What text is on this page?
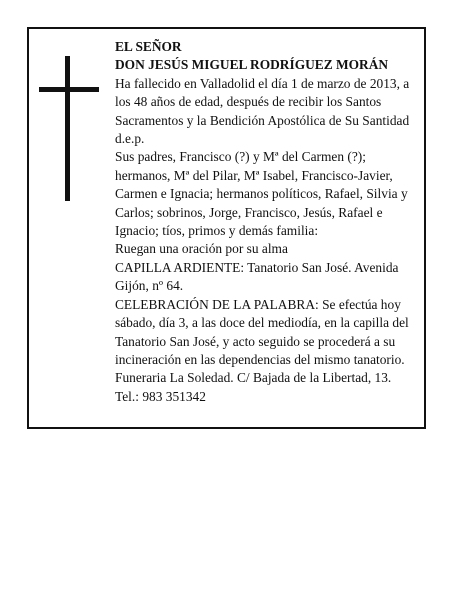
EL SEÑOR

DON JESÚS MIGUEL RODRÍGUEZ MORÁN

Ha fallecido en Valladolid el día 1 de marzo de 2013, a los 48 años de edad, después de recibir los Santos Sacramentos y la Bendición Apostólica de Su Santidad d.e.p.

Sus padres, Francisco (?) y Mª del Carmen (?); hermanos, Mª del Pilar, Mª Isabel, Francisco-Javier, Carmen e Ignacia; hermanos políticos, Rafael, Silvia y Carlos; sobrinos, Jorge, Francisco, Jesús, Rafael e Ignacio; tíos, primos y demás familia:

Ruegan una oración por su alma

CAPILLA ARDIENTE: Tanatorio San José. Avenida Gijón, nº 64.

CELEBRACIÓN DE LA PALABRA: Se efectúa hoy sábado, día 3, a las doce del mediodía, en la capilla del Tanatorio San José, y acto seguido se procederá a su incineración en las dependencias del mismo tanatorio.

Funeraria La Soledad. C/ Bajada de la Libertad, 13.

Tel.: 983 351342
